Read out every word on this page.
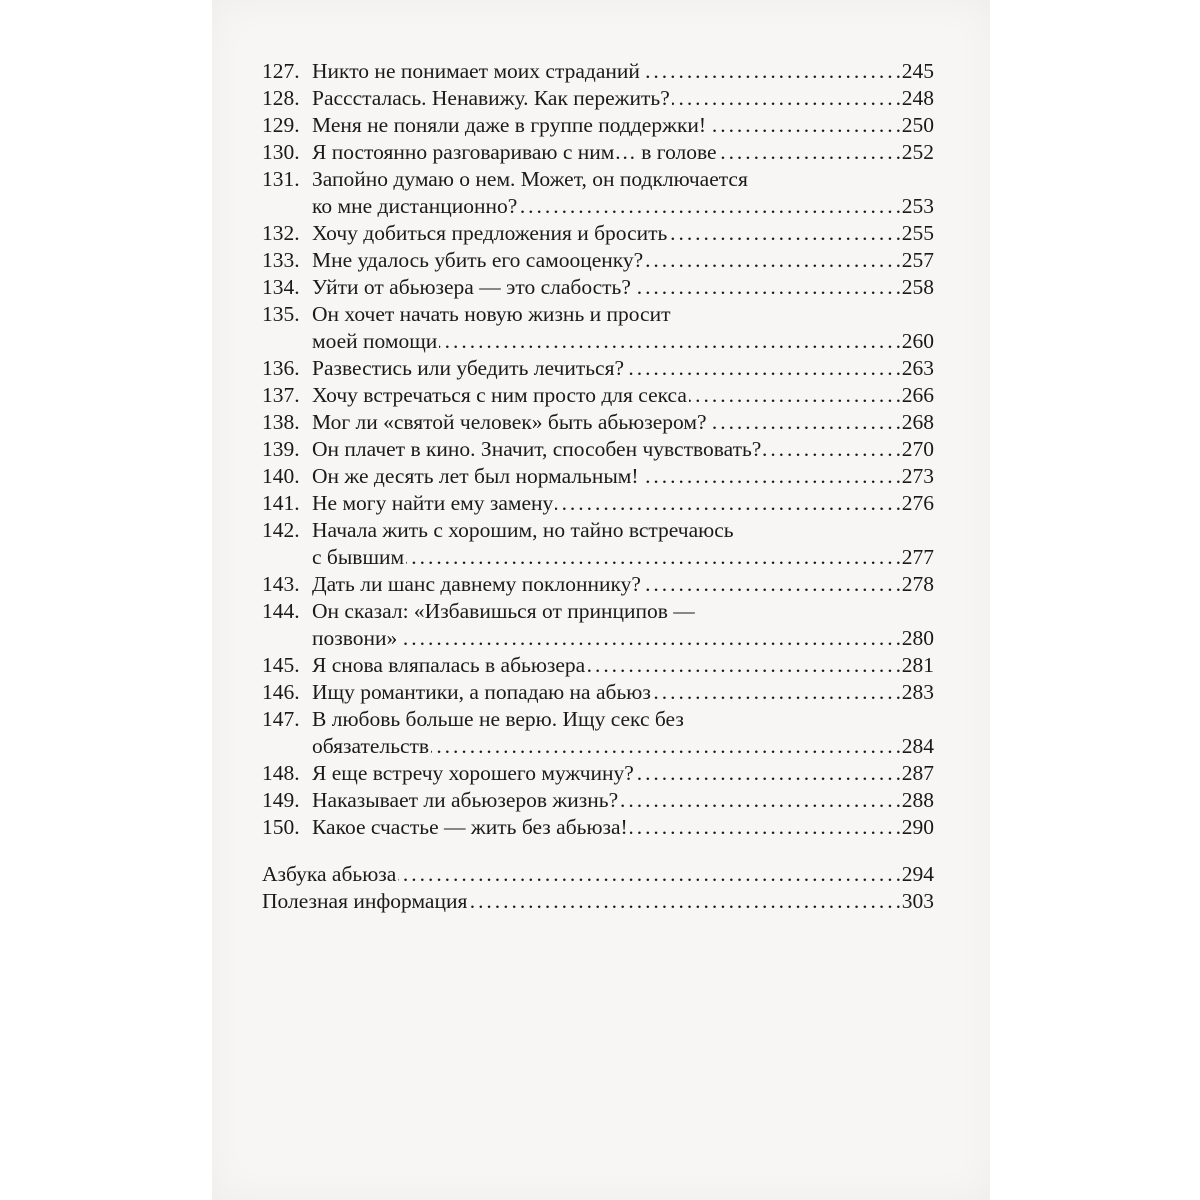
127. Никто не понимает моих страданий . . .	245
128. Расссталась. Ненавижу. Как пережить? . . .	248
129. Меня не поняли даже в группе поддержки! . . .	250
130. Я постоянно разговариваю с ним… в голове . . .	252
131. Запойно думаю о нем. Может, он подключается
ко мне дистанционно? . . .	253
132. Хочу добиться предложения и бросить . . .	255
133. Мне удалось убить его самооценку? . . .	257
134. Уйти от абьюзера — это слабость? . . .	258
135. Он хочет начать новую жизнь и просит
моей помощи . . .	260
136. Развестись или убедить лечиться? . . .	263
137. Хочу встречаться с ним просто для секса . . .	266
138. Мог ли «святой человек» быть абьюзером? . . .	268
139. Он плачет в кино. Значит, способен чувствовать? . . .	270
140. Он же десять лет был нормальным! . . .	273
141. Не могу найти ему замену . . .	276
142. Начала жить с хорошим, но тайно встречаюсь
с бывшим . . .	277
143. Дать ли шанс давнему поклоннику? . . .	278
144. Он сказал: «Избавишься от принципов —
позвони» . . .	280
145. Я снова вляпалась в абьюзера . . .	281
146. Ищу романтики, а попадаю на абьюз . . .	283
147. В любовь больше не верю. Ищу секс без
обязательств . . .	284
148. Я еще встречу хорошего мужчину? . . .	287
149. Наказывает ли абьюзеров жизнь? . . .	288
150. Какое счастье — жить без абьюза! . . .	290
Азбука абьюза . . .	294
Полезная информация . . .	303
